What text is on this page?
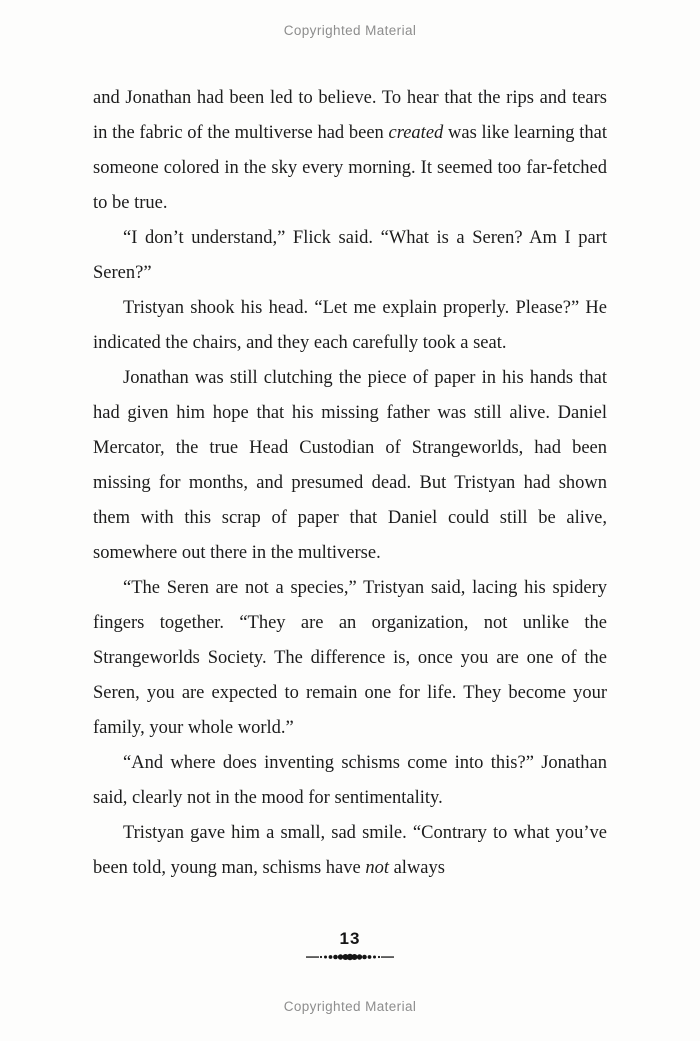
Copyrighted Material

and Jonathan had been led to believe. To hear that the rips and tears in the fabric of the multiverse had been created was like learning that someone colored in the sky every morning. It seemed too far-fetched to be true.

“I don’t understand,” Flick said. “What is a Seren? Am I part Seren?”

Tristyan shook his head. “Let me explain properly. Please?” He indicated the chairs, and they each carefully took a seat.

Jonathan was still clutching the piece of paper in his hands that had given him hope that his missing father was still alive. Daniel Mercator, the true Head Custodian of Strangeworlds, had been missing for months, and presumed dead. But Tristyan had shown them with this scrap of paper that Daniel could still be alive, somewhere out there in the multiverse.

“The Seren are not a species,” Tristyan said, lacing his spidery fingers together. “They are an organization, not unlike the Strangeworlds Society. The difference is, once you are one of the Seren, you are expected to remain one for life. They become your family, your whole world.”

“And where does inventing schisms come into this?” Jonathan said, clearly not in the mood for sentimentality.

Tristyan gave him a small, sad smile. “Contrary to what you’ve been told, young man, schisms have not always

13
Copyrighted Material
